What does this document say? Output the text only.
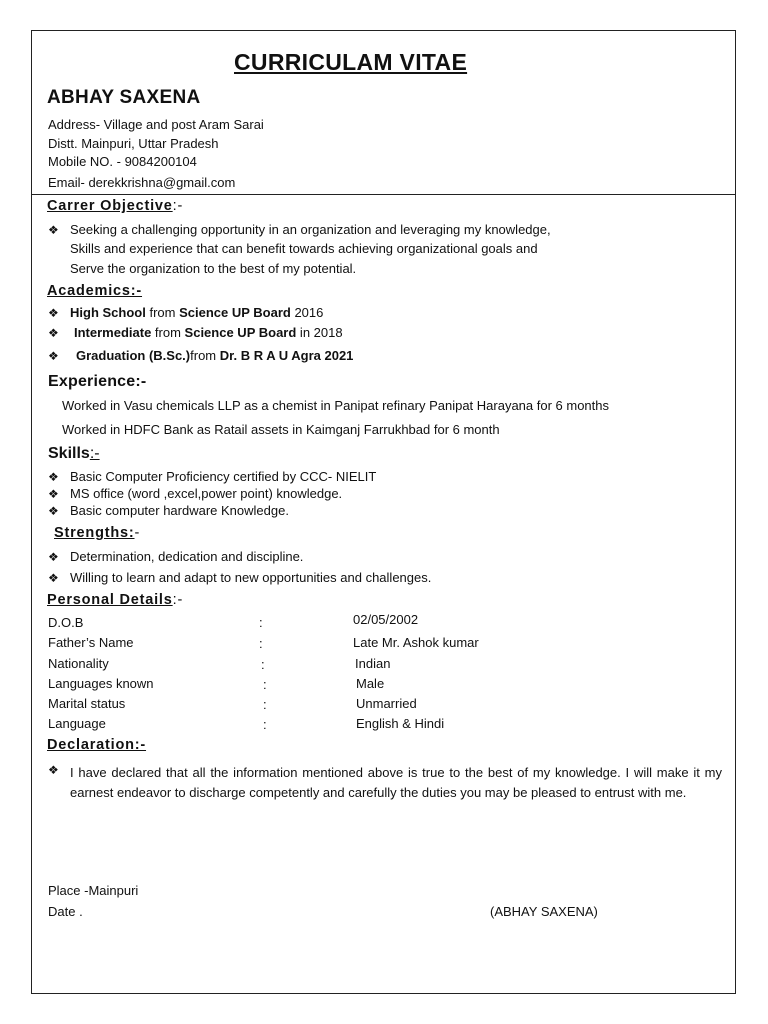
CURRICULAM VITAE
ABHAY SAXENA
Address- Village and post Aram Sarai
Distt. Mainpuri, Uttar Pradesh
Mobile NO. - 9084200104
Email- derekkrishna@gmail.com
Carrer Objective:-
❖ Seeking a challenging opportunity in an organization and leveraging my knowledge,
Skills and experience that can benefit towards achieving organizational goals and
Serve the organization to the best of my potential.
Academics:-
❖ High School from Science UP Board 2016
❖ Intermediate from Science UP Board in 2018
❖ Graduation (B.Sc.)from Dr. B R A U Agra 2021
Experience:-
Worked in Vasu chemicals LLP as a chemist in Panipat refinary Panipat Harayana for 6 months
Worked in HDFC Bank as Ratail assets in Kaimganj Farrukhbad for 6 month
Skills:-
❖ Basic Computer Proficiency certified by CCC- NIELIT
❖ MS office (word ,excel,power point) knowledge.
❖ Basic computer hardware Knowledge.
Strengths:-
❖ Determination, dedication and discipline.
❖ Willing to learn and adapt to new opportunities and challenges.
Personal Details:-
D.O.B	:	02/05/2002
Father’s Name	:	Late Mr. Ashok kumar
Nationality	:	Indian
Languages known	:	Male
Marital status	:	Unmarried
Language	:	English & Hindi
Declaration:-
❖ I have declared that all the information mentioned above is true to the best of my knowledge. I will make it my earnest endeavor to discharge competently and carefully the duties you may be pleased to entrust with me.
Place -Mainpuri
Date .	(ABHAY SAXENA)
